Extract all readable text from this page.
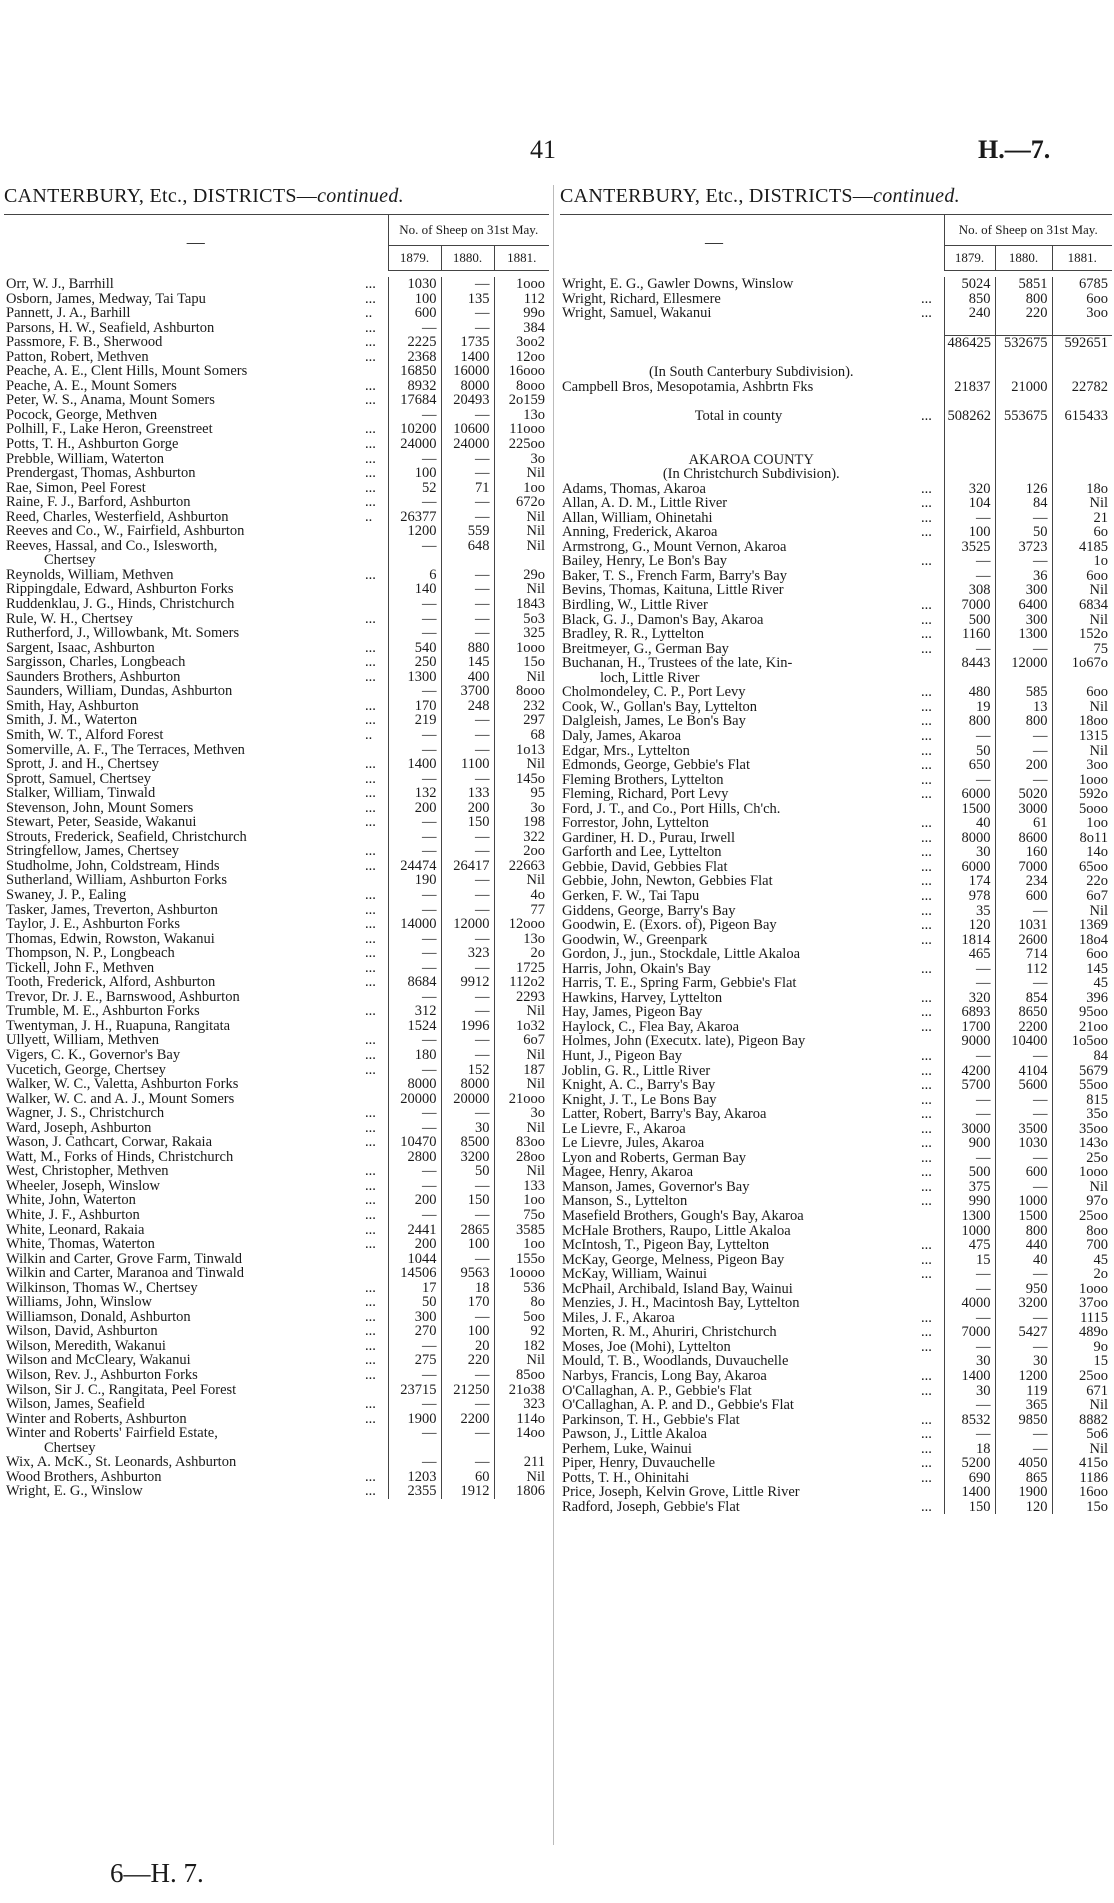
41	H.—7.
CANTERBURY, Etc., DISTRICTS—continued.
—	No. of Sheep on 31st May.		
	1879.	1880.	1881.
Orr, W. J., Barrhill	...	1030	—	1ooo
Osborn, James, Medway, Tai Tapu	...	100	135	112
Pannett, J. A., Barhill	..	600	—	99o
Parsons, H. W., Seafield, Ashburton	...	—	—	384
Passmore, F. B., Sherwood	...	2225	1735	3oo2
Patton, Robert, Methven	...	2368	1400	12oo
Peache, A. E., Clent Hills, Mount Somers		16850	16000	16ooo
Peache, A. E., Mount Somers	...	8932	8000	8ooo
Peter, W. S., Anama, Mount Somers	...	17684	20493	2o159
Pocock, George, Methven		—	—	13o
Polhill, F., Lake Heron, Greenstreet	...	10200	10600	11ooo
Potts, T. H., Ashburton Gorge	...	24000	24000	225oo
Prebble, William, Waterton	...	—	—	3o
Prendergast, Thomas, Ashburton	...	100	—	Nil
Rae, Simon, Peel Forest	...	52	71	1oo
Raine, F. J., Barford, Ashburton	...	—	—	672o
Reed, Charles, Westerfield, Ashburton	..	26377	—	Nil
Reeves and Co., W., Fairfield, Ashburton		1200	559	Nil
Reeves, Hassal, and Co., Islesworth,		—	648	Nil
Chertsey				
Reynolds, William, Methven	...	6	—	29o
Rippingdale, Edward, Ashburton Forks		140	—	Nil
Ruddenklau, J. G., Hinds, Christchurch		—	—	1843
Rule, W. H., Chertsey	...	—	—	5o3
Rutherford, J., Willowbank, Mt. Somers		—	—	325
Sargent, Isaac, Ashburton	...	540	880	1ooo
Sargisson, Charles, Longbeach	...	250	145	15o
Saunders Brothers, Ashburton	...	1300	400	Nil
Saunders, William, Dundas, Ashburton		—	3700	8ooo
Smith, Hay, Ashburton	...	170	248	232
Smith, J. M., Waterton	...	219	—	297
Smith, W. T., Alford Forest	..	—	—	68
Somerville, A. F., The Terraces, Methven		—	—	1o13
Sprott, J. and H., Chertsey	...	1400	1100	Nil
Sprott, Samuel, Chertsey	...	—	—	145o
Stalker, William, Tinwald	...	132	133	95
Stevenson, John, Mount Somers	...	200	200	3o
Stewart, Peter, Seaside, Wakanui	...	—	150	198
Strouts, Frederick, Seafield, Christchurch		—	—	322
Stringfellow, James, Chertsey	...	—	—	2oo
Studholme, John, Coldstream, Hinds	...	24474	26417	22663
Sutherland, William, Ashburton Forks		190	—	Nil
Swaney, J. P., Ealing	...	—	—	4o
Tasker, James, Treverton, Ashburton	...	—	—	77
Taylor, J. E., Ashburton Forks	...	14000	12000	12ooo
Thomas, Edwin, Rowston, Wakanui	...	—	—	13o
Thompson, N. P., Longbeach	...	—	323	2o
Tickell, John F., Methven	...	—	—	1725
Tooth, Frederick, Alford, Ashburton	...	8684	9912	112o2
Trevor, Dr. J. E., Barnswood, Ashburton		—	—	2293
Trumble, M. E., Ashburton Forks	...	312	—	Nil
Twentyman, J. H., Ruapuna, Rangitata		1524	1996	1o32
Ullyett, William, Methven	...	—	—	6o7
Vigers, C. K., Governor's Bay	...	180	—	Nil
Vucetich, George, Chertsey	...	—	152	187
Walker, W. C., Valetta, Ashburton Forks		8000	8000	Nil
Walker, W. C. and A. J., Mount Somers		20000	20000	21ooo
Wagner, J. S., Christchurch	...	—	—	3o
Ward, Joseph, Ashburton	...	—	30	Nil
Wason, J. Cathcart, Corwar, Rakaia	...	10470	8500	83oo
Watt, M., Forks of Hinds, Christchurch		2800	3200	28oo
West, Christopher, Methven	...	—	50	Nil
Wheeler, Joseph, Winslow	...	—	—	133
White, John, Waterton	...	200	150	1oo
White, J. F., Ashburton	...	—	—	75o
White, Leonard, Rakaia	...	2441	2865	3585
White, Thomas, Waterton	...	200	100	1oo
Wilkin and Carter, Grove Farm, Tinwald		1044	—	155o
Wilkin and Carter, Maranoa and Tinwald		14506	9563	1oooo
Wilkinson, Thomas W., Chertsey	...	17	18	536
Williams, John, Winslow	...	50	170	8o
Williamson, Donald, Ashburton	...	300	—	5oo
Wilson, David, Ashburton	...	270	100	92
Wilson, Meredith, Wakanui	...	—	20	182
Wilson and McCleary, Wakanui	...	275	220	Nil
Wilson, Rev. J., Ashburton Forks	...	—	—	85oo
Wilson, Sir J. C., Rangitata, Peel Forest		23715	21250	21o38
Wilson, James, Seafield	...	—	—	323
Winter and Roberts, Ashburton	...	1900	2200	114o
Winter and Roberts' Fairfield Estate,		—	—	14oo
Chertsey				
Wix, A. McK., St. Leonards, Ashburton		—	—	211
Wood Brothers, Ashburton	...	1203	60	Nil
Wright, E. G., Winslow	...	2355	1912	1806
CANTERBURY, Etc., DISTRICTS—continued.
—		No. of Sheep on 31st May.		
		1879.	1880.	1881.
Wright, E. G., Gawler Downs, Winslow		5024	5851	6785
Wright, Richard, Ellesmere	...	850	800	6oo
Wright, Samuel, Wakanui	...	240	220	3oo

		486425	532675	592651

(In South Canterbury Subdivision).				
Campbell Bros, Mesopotamia, Ashbrtn Fks		21837	21000	22782

Total in county	...	508262	553675	615433

AKAROA COUNTY				
(In Christchurch Subdivision).				
Adams, Thomas, Akaroa	...	320	126	18o
Allan, A. D. M., Little River	...	104	84	Nil
Allan, William, Ohinetahi	...	—	—	21
Anning, Frederick, Akaroa	...	100	50	6o
Armstrong, G., Mount Vernon, Akaroa		3525	3723	4185
Bailey, Henry, Le Bon's Bay	...	—	—	1o
Baker, T. S., French Farm, Barry's Bay		—	36	6oo
Bevins, Thomas, Kaituna, Little River		308	300	Nil
Birdling, W., Little River	...	7000	6400	6834
Black, G. J., Damon's Bay, Akaroa	...	500	300	Nil
Bradley, R. R., Lyttelton	...	1160	1300	152o
Breitmeyer, G., German Bay	...	—	—	75
Buchanan, H., Trustees of the late, Kin-		8443	12000	1o67o
loch, Little River				
Cholmondeley, C. P., Port Levy	...	480	585	6oo
Cook, W., Gollan's Bay, Lyttelton	...	19	13	Nil
Dalgleish, James, Le Bon's Bay	...	800	800	18oo
Daly, James, Akaroa	...	—	—	1315
Edgar, Mrs., Lyttelton	...	50	—	Nil
Edmonds, George, Gebbie's Flat	...	650	200	3oo
Fleming Brothers, Lyttelton	...	—	—	1ooo
Fleming, Richard, Port Levy	...	6000	5020	592o
Ford, J. T., and Co., Port Hills, Ch'ch.		1500	3000	5ooo
Forrestor, John, Lyttelton	...	40	61	1oo
Gardiner, H. D., Purau, Irwell	...	8000	8600	8o11
Garforth and Lee, Lyttelton	...	30	160	14o
Gebbie, David, Gebbies Flat	...	6000	7000	65oo
Gebbie, John, Newton, Gebbies Flat	...	174	234	22o
Gerken, F. W., Tai Tapu	...	978	600	6o7
Giddens, George, Barry's Bay	...	35	—	Nil
Goodwin, E. (Exors. of), Pigeon Bay	...	120	1031	1369
Goodwin, W., Greenpark	...	1814	2600	18o4
Gordon, J., jun., Stockdale, Little Akaloa		465	714	6oo
Harris, John, Okain's Bay	...	—	112	145
Harris, T. E., Spring Farm, Gebbie's Flat		—	—	45
Hawkins, Harvey, Lyttelton	...	320	854	396
Hay, James, Pigeon Bay	...	6893	8650	95oo
Haylock, C., Flea Bay, Akaroa	...	1700	2200	21oo
Holmes, John (Executx. late), Pigeon Bay		9000	10400	1o5oo
Hunt, J., Pigeon Bay	...	—	—	84
Joblin, G. R., Little River	...	4200	4104	5679
Knight, A. C., Barry's Bay	...	5700	5600	55oo
Knight, J. T., Le Bons Bay	...	—	—	815
Latter, Robert, Barry's Bay, Akaroa	...	—	—	35o
Le Lievre, F., Akaroa	...	3000	3500	35oo
Le Lievre, Jules, Akaroa	...	900	1030	143o
Lyon and Roberts, German Bay	...	—	—	25o
Magee, Henry, Akaroa	...	500	600	1ooo
Manson, James, Governor's Bay	...	375	—	Nil
Manson, S., Lyttelton	...	990	1000	97o
Masefield Brothers, Gough's Bay, Akaroa		1300	1500	25oo
McHale Brothers, Raupo, Little Akaloa		1000	800	8oo
McIntosh, T., Pigeon Bay, Lyttelton	...	475	440	700
McKay, George, Melness, Pigeon Bay	...	15	40	45
McKay, William, Wainui	...	—	—	2o
McPhail, Archibald, Island Bay, Wainui		—	950	1ooo
Menzies, J. H., Macintosh Bay, Lyttelton		4000	3200	37oo
Miles, J. F., Akaroa	...	—	—	1115
Morten, R. M., Ahuriri, Christchurch	...	7000	5427	489o
Moses, Joe (Mohi), Lyttelton	...	—	—	9o
Mould, T. B., Woodlands, Duvauchelle		30	30	15
Narbys, Francis, Long Bay, Akaroa	...	1400	1200	25oo
O'Callaghan, A. P., Gebbie's Flat	...	30	119	671
O'Callaghan, A. P. and D., Gebbie's Flat		—	365	Nil
Parkinson, T. H., Gebbie's Flat	...	8532	9850	8882
Pawson, J., Little Akaloa	...	—	—	5o6
Perhem, Luke, Wainui	...	18	—	Nil
Piper, Henry, Duvauchelle	...	5200	4050	415o
Potts, T. H., Ohinitahi	...	690	865	1186
Price, Joseph, Kelvin Grove, Little River		1400	1900	16oo
Radford, Joseph, Gebbie's Flat	...	150	120	15o
6—H. 7.
